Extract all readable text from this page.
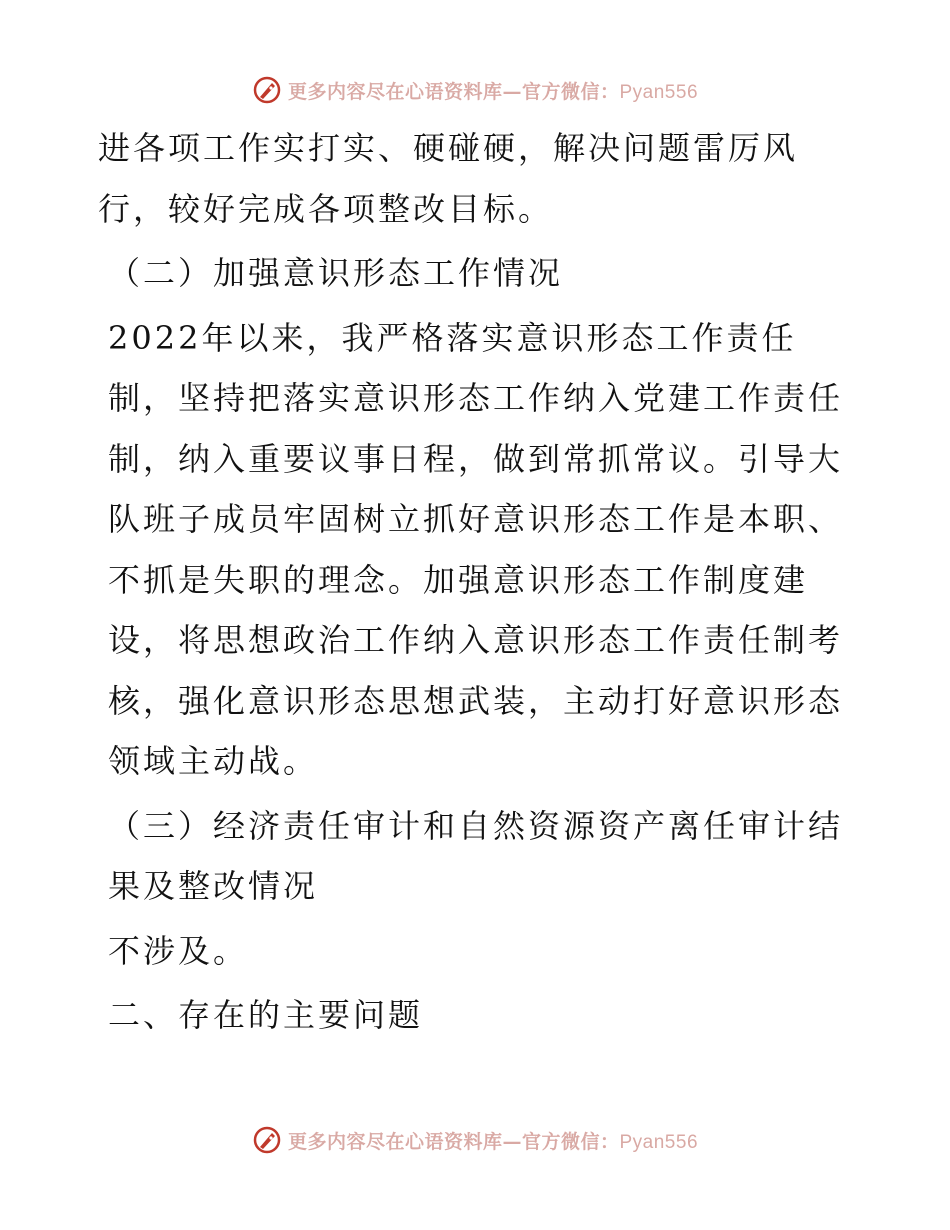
更多内容尽在心语资料库—官方微信：Pyan556

进各项工作实打实、硬碰硬，解决问题雷厉风行，较好完成各项整改目标。

（二）加强意识形态工作情况

2022年以来，我严格落实意识形态工作责任制，坚持把落实意识形态工作纳入党建工作责任制，纳入重要议事日程，做到常抓常议。引导大队班子成员牢固树立抓好意识形态工作是本职、不抓是失职的理念。加强意识形态工作制度建设，将思想政治工作纳入意识形态工作责任制考核，强化意识形态思想武装，主动打好意识形态领域主动战。

（三）经济责任审计和自然资源资产离任审计结果及整改情况

不涉及。

二、存在的主要问题

更多内容尽在心语资料库—官方微信：Pyan556
